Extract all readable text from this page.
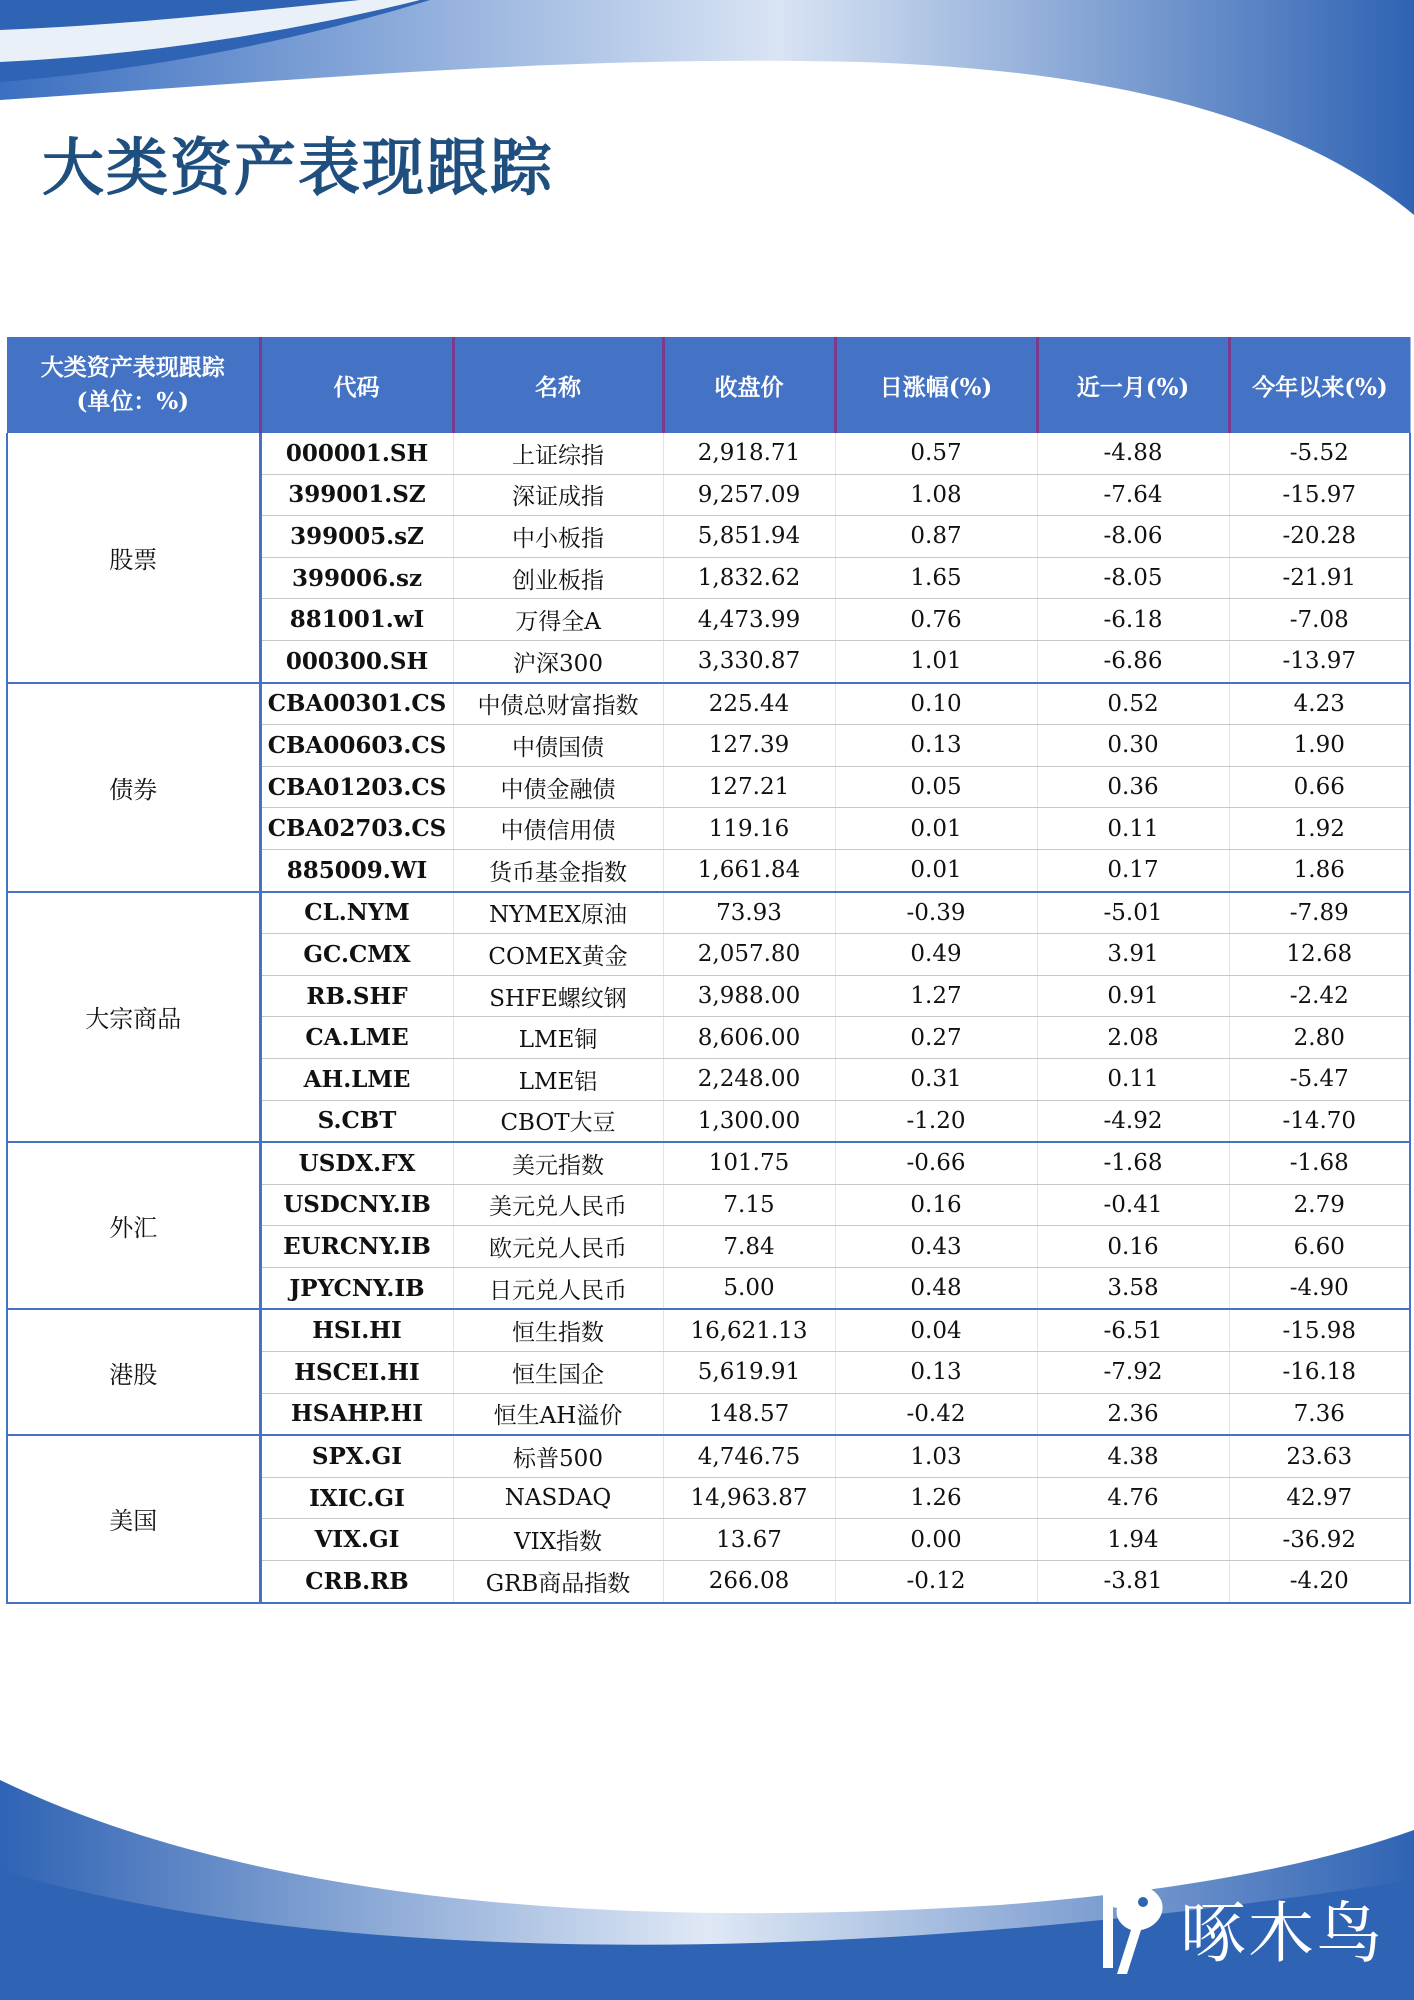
大类资产表现跟踪
大类资产表现跟踪
(单位：%)	代码	名称	收盘价	日涨幅(%)	近一月(%)	今年以来(%)
股票	000001.SH	上证综指	2,918.71	0.57	-4.88	-5.52
	399001.SZ	深证成指	9,257.09	1.08	-7.64	-15.97
	399005.sZ	中小板指	5,851.94	0.87	-8.06	-20.28
	399006.sz	创业板指	1,832.62	1.65	-8.05	-21.91
	881001.wI	万得全A	4,473.99	0.76	-6.18	-7.08
	000300.SH	沪深300	3,330.87	1.01	-6.86	-13.97
债券	CBA00301.CS	中债总财富指数	225.44	0.10	0.52	4.23
	CBA00603.CS	中债国债	127.39	0.13	0.30	1.90
	CBA01203.CS	中债金融债	127.21	0.05	0.36	0.66
	CBA02703.CS	中债信用债	119.16	0.01	0.11	1.92
	885009.WI	货币基金指数	1,661.84	0.01	0.17	1.86
大宗商品	CL.NYM	NYMEX原油	73.93	-0.39	-5.01	-7.89
	GC.CMX	COMEX黄金	2,057.80	0.49	3.91	12.68
	RB.SHF	SHFE螺纹钢	3,988.00	1.27	0.91	-2.42
	CA.LME	LME铜	8,606.00	0.27	2.08	2.80
	AH.LME	LME铝	2,248.00	0.31	0.11	-5.47
	S.CBT	CBOT大豆	1,300.00	-1.20	-4.92	-14.70
外汇	USDX.FX	美元指数	101.75	-0.66	-1.68	-1.68
	USDCNY.IB	美元兑人民币	7.15	0.16	-0.41	2.79
	EURCNY.IB	欧元兑人民币	7.84	0.43	0.16	6.60
	JPYCNY.IB	日元兑人民币	5.00	0.48	3.58	-4.90
港股	HSI.HI	恒生指数	16,621.13	0.04	-6.51	-15.98
	HSCEI.HI	恒生国企	5,619.91	0.13	-7.92	-16.18
	HSAHP.HI	恒生AH溢价	148.57	-0.42	2.36	7.36
美国	SPX.GI	标普500	4,746.75	1.03	4.38	23.63
	IXIC.GI	NASDAQ	14,963.87	1.26	4.76	42.97
	VIX.GI	VIX指数	13.67	0.00	1.94	-36.92
	CRB.RB	GRB商品指数	266.08	-0.12	-3.81	-4.20
啄木鸟
